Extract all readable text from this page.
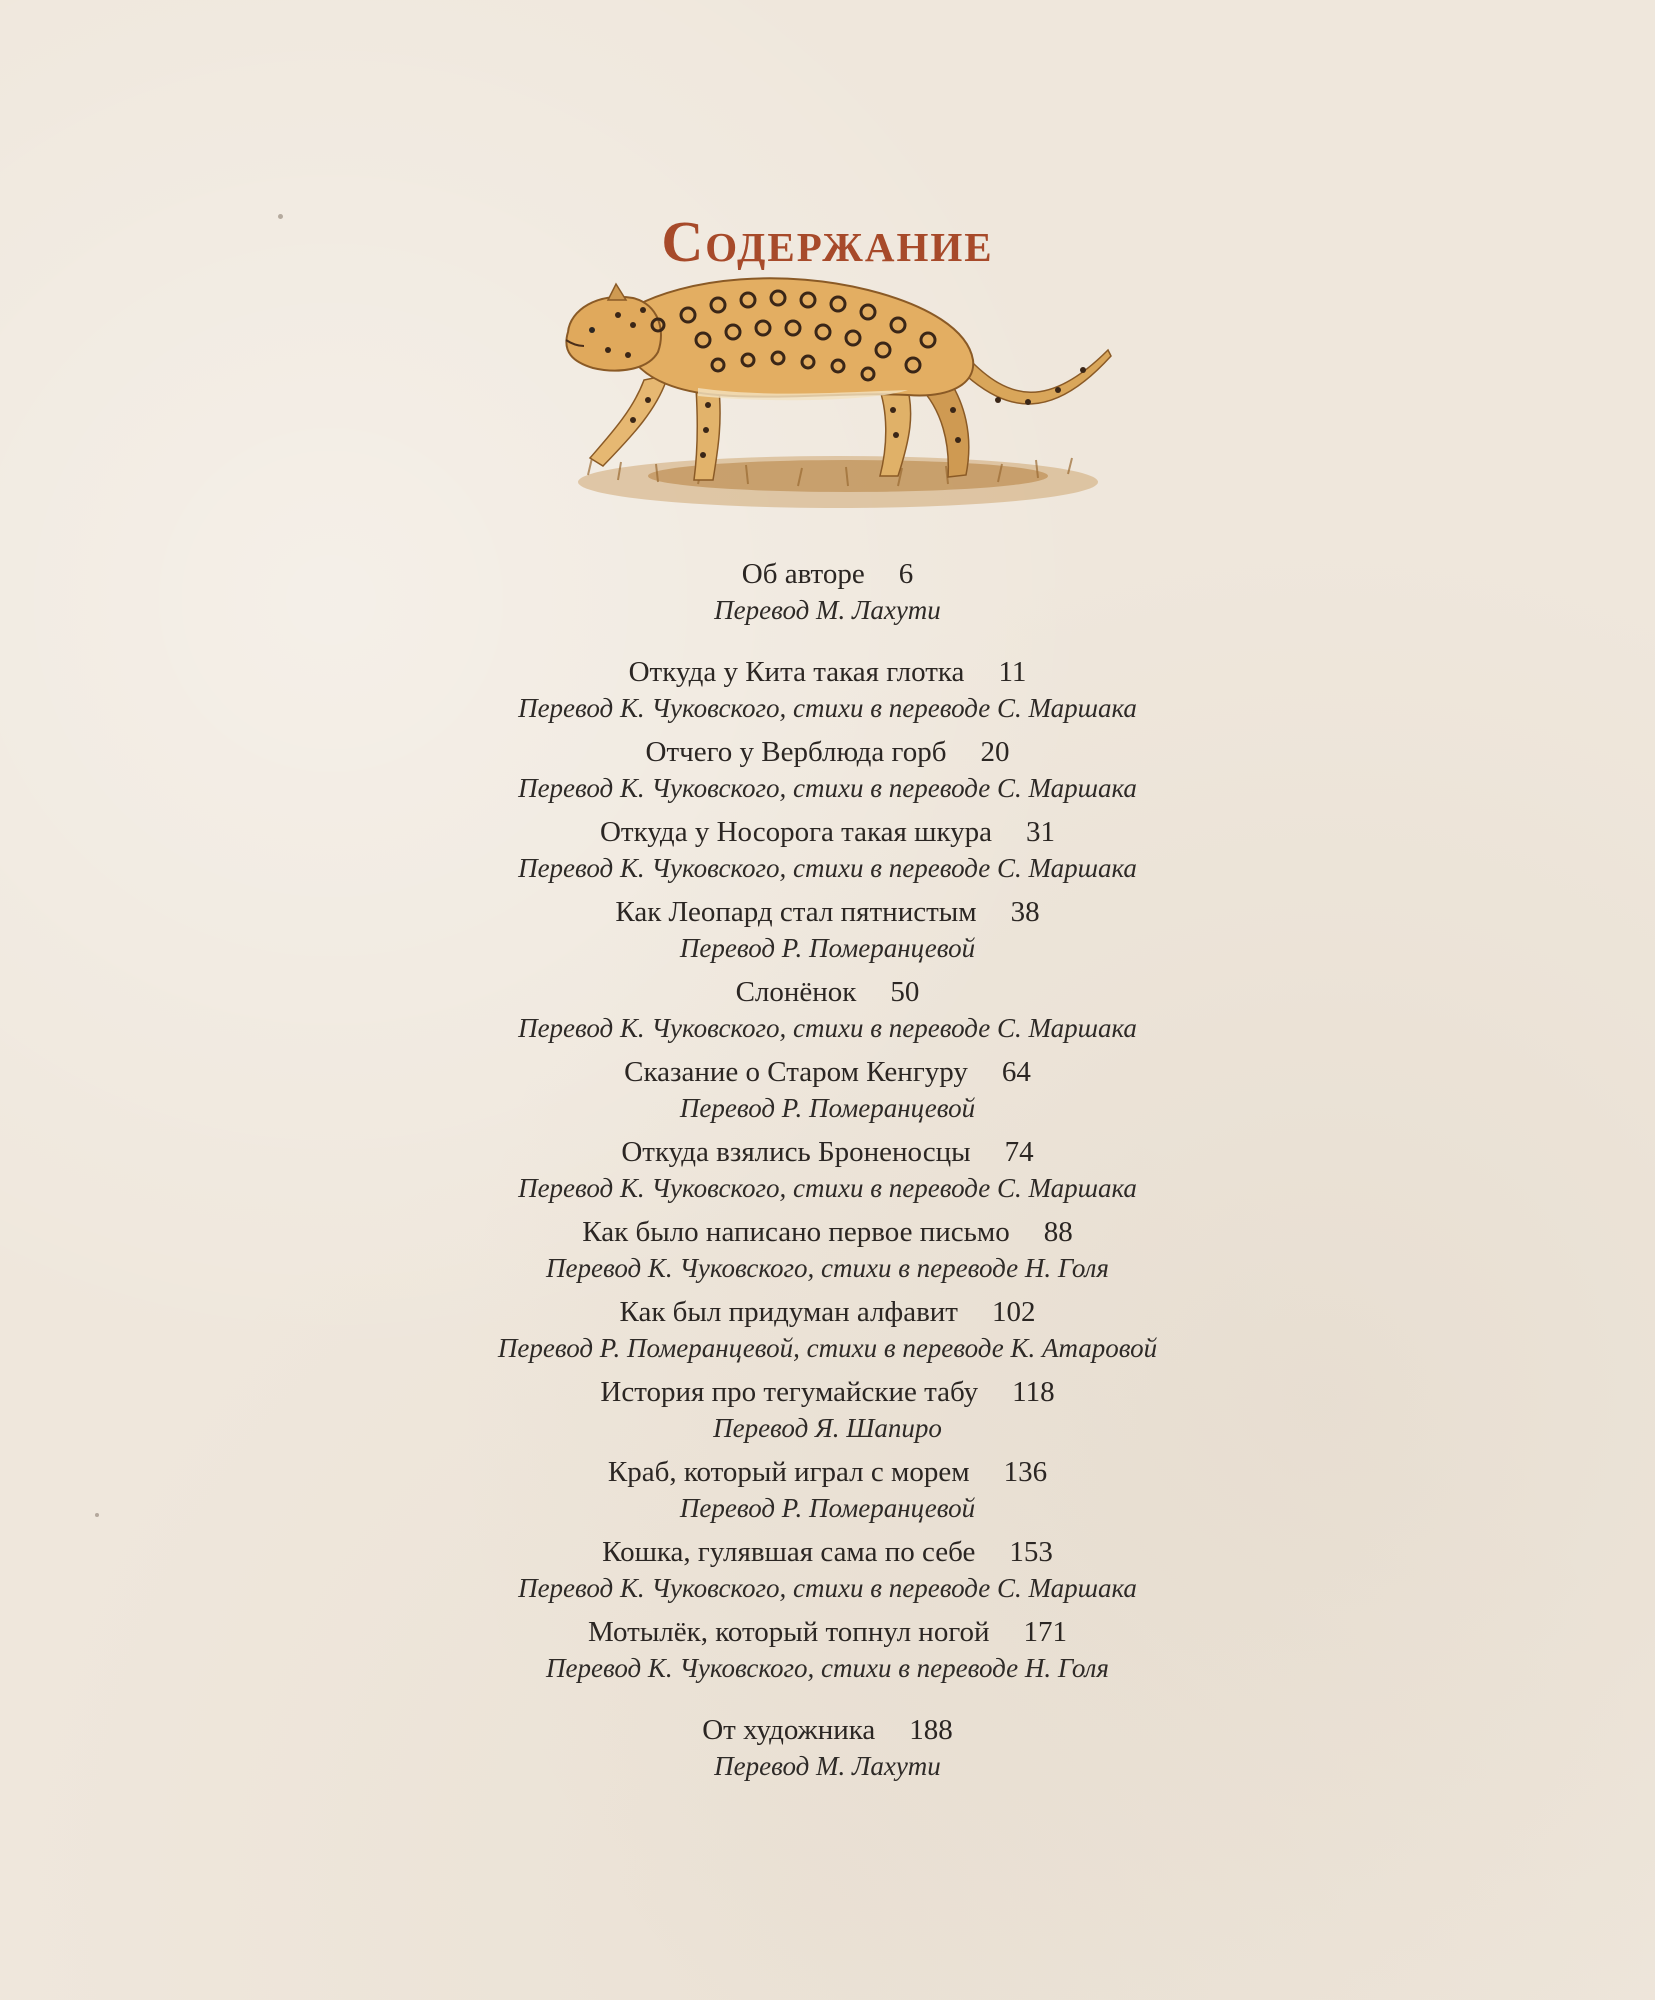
Содержание
Об авторе 6
Перевод М. Лахути
Откуда у Кита такая глотка 11
Перевод К. Чуковского, стихи в переводе С. Маршака
Отчего у Верблюда горб 20
Перевод К. Чуковского, стихи в переводе С. Маршака
Откуда у Носорога такая шкура 31
Перевод К. Чуковского, стихи в переводе С. Маршака
Как Леопард стал пятнистым 38
Перевод Р. Померанцевой
Слонёнок 50
Перевод К. Чуковского, стихи в переводе С. Маршака
Сказание о Старом Кенгуру 64
Перевод Р. Померанцевой
Откуда взялись Броненосцы 74
Перевод К. Чуковского, стихи в переводе С. Маршака
Как было написано первое письмо 88
Перевод К. Чуковского, стихи в переводе Н. Голя
Как был придуман алфавит 102
Перевод Р. Померанцевой, стихи в переводе К. Атаровой
История про тегумайские табу 118
Перевод Я. Шапиро
Краб, который играл с морем 136
Перевод Р. Померанцевой
Кошка, гулявшая сама по себе 153
Перевод К. Чуковского, стихи в переводе С. Маршака
Мотылёк, который топнул ногой 171
Перевод К. Чуковского, стихи в переводе Н. Голя
От художника 188
Перевод М. Лахути
